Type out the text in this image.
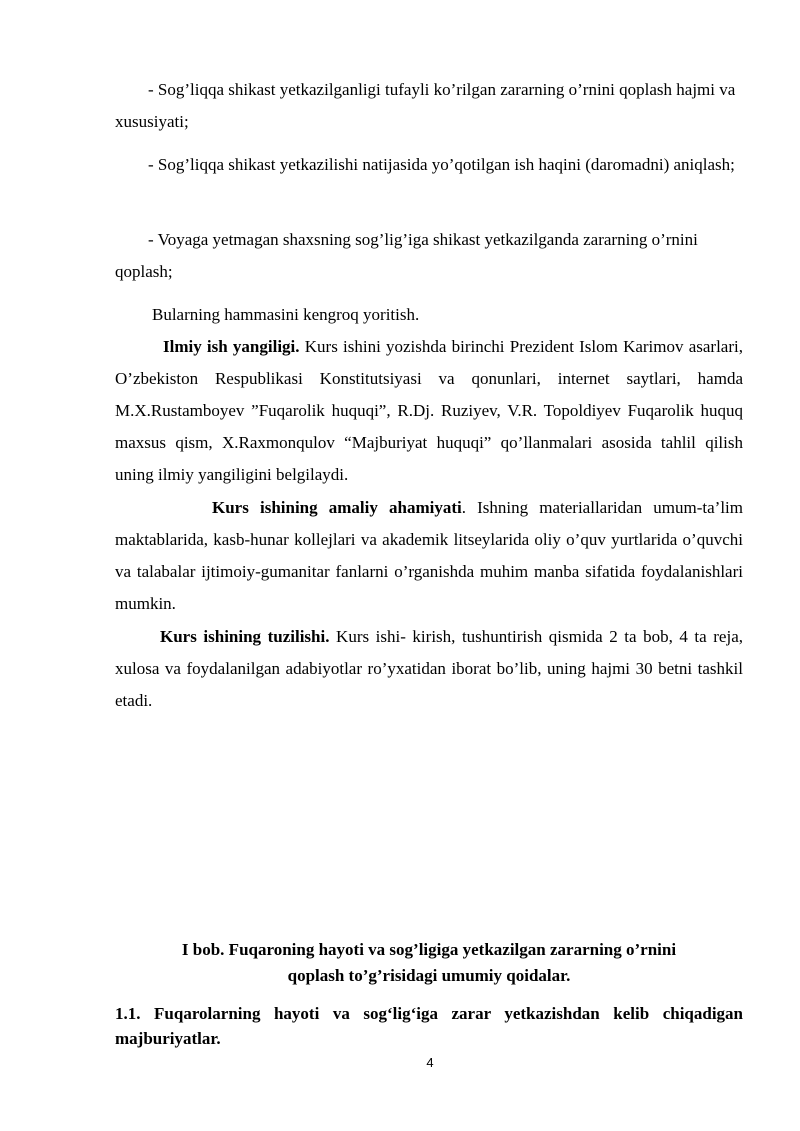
- Sog’liqqa shikast yetkazilganligi tufayli ko’rilgan zararning o’rnini qoplash hajmi va xususiyati;
- Sog’liqqa shikast yetkazilishi natijasida yo’qotilgan ish haqini (daromadni) aniqlash;
- Voyaga yetmagan shaxsning sog’lig’iga shikast yetkazilganda zararning o’rnini qoplash;
Bularning hammasini kengroq yoritish.
Ilmiy ish yangiligi. Kurs ishini yozishda birinchi Prezident Islom Karimov asarlari, O’zbekiston Respublikasi Konstitutsiyasi va qonunlari, internet saytlari, hamda M.X.Rustamboyev ”Fuqarolik huquqi”, R.Dj. Ruziyev, V.R. Topoldiyev Fuqarolik huquq maxsus qism, X.Raxmonqulov “Majburiyat huquqi” qo’llanmalari asosida tahlil qilish uning ilmiy yangiligini belgilaydi.
Kurs ishining amaliy ahamiyati. Ishning materiallaridan umum-ta’lim maktablarida, kasb-hunar kollejlari va akademik litseylarida oliy o’quv yurtlarida o’quvchi va talabalar ijtimoiy-gumanitar fanlarni o’rganishda muhim manba sifatida foydalanishlari mumkin.
Kurs ishining tuzilishi. Kurs ishi- kirish, tushuntirish qismida 2 ta bob, 4 ta reja, xulosa va foydalanilgan adabiyotlar ro’yxatidan iborat bo’lib, uning hajmi 30 betni tashkil etadi.
I bob. Fuqaroning hayoti va sog’ligiga yetkazilgan zararning o’rnini
qoplash to’g’risidagi umumiy qoidalar.
1.1. Fuqarolarning hayoti va sog‘lig‘iga zarar yetkazishdan kelib chiqadigan majburiyatlar.
4
